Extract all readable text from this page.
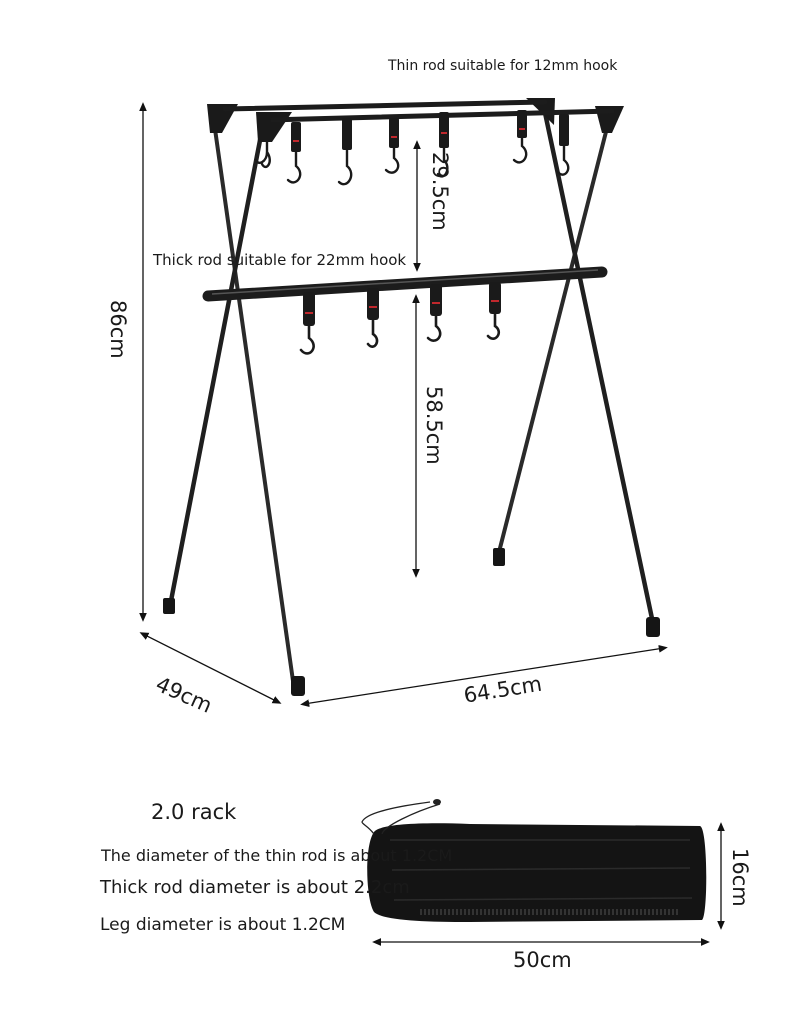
Thin rod suitable for 12mm hook
Thick rod suitable for 22mm hook
86cm
29.5cm
58.5cm
16cm
49cm	64.5cm
50cm
2.0 rack
The diameter of the thin rod is about 1.2CM
Thick rod diameter is about 2.2cm
Leg diameter is about 1.2CM
